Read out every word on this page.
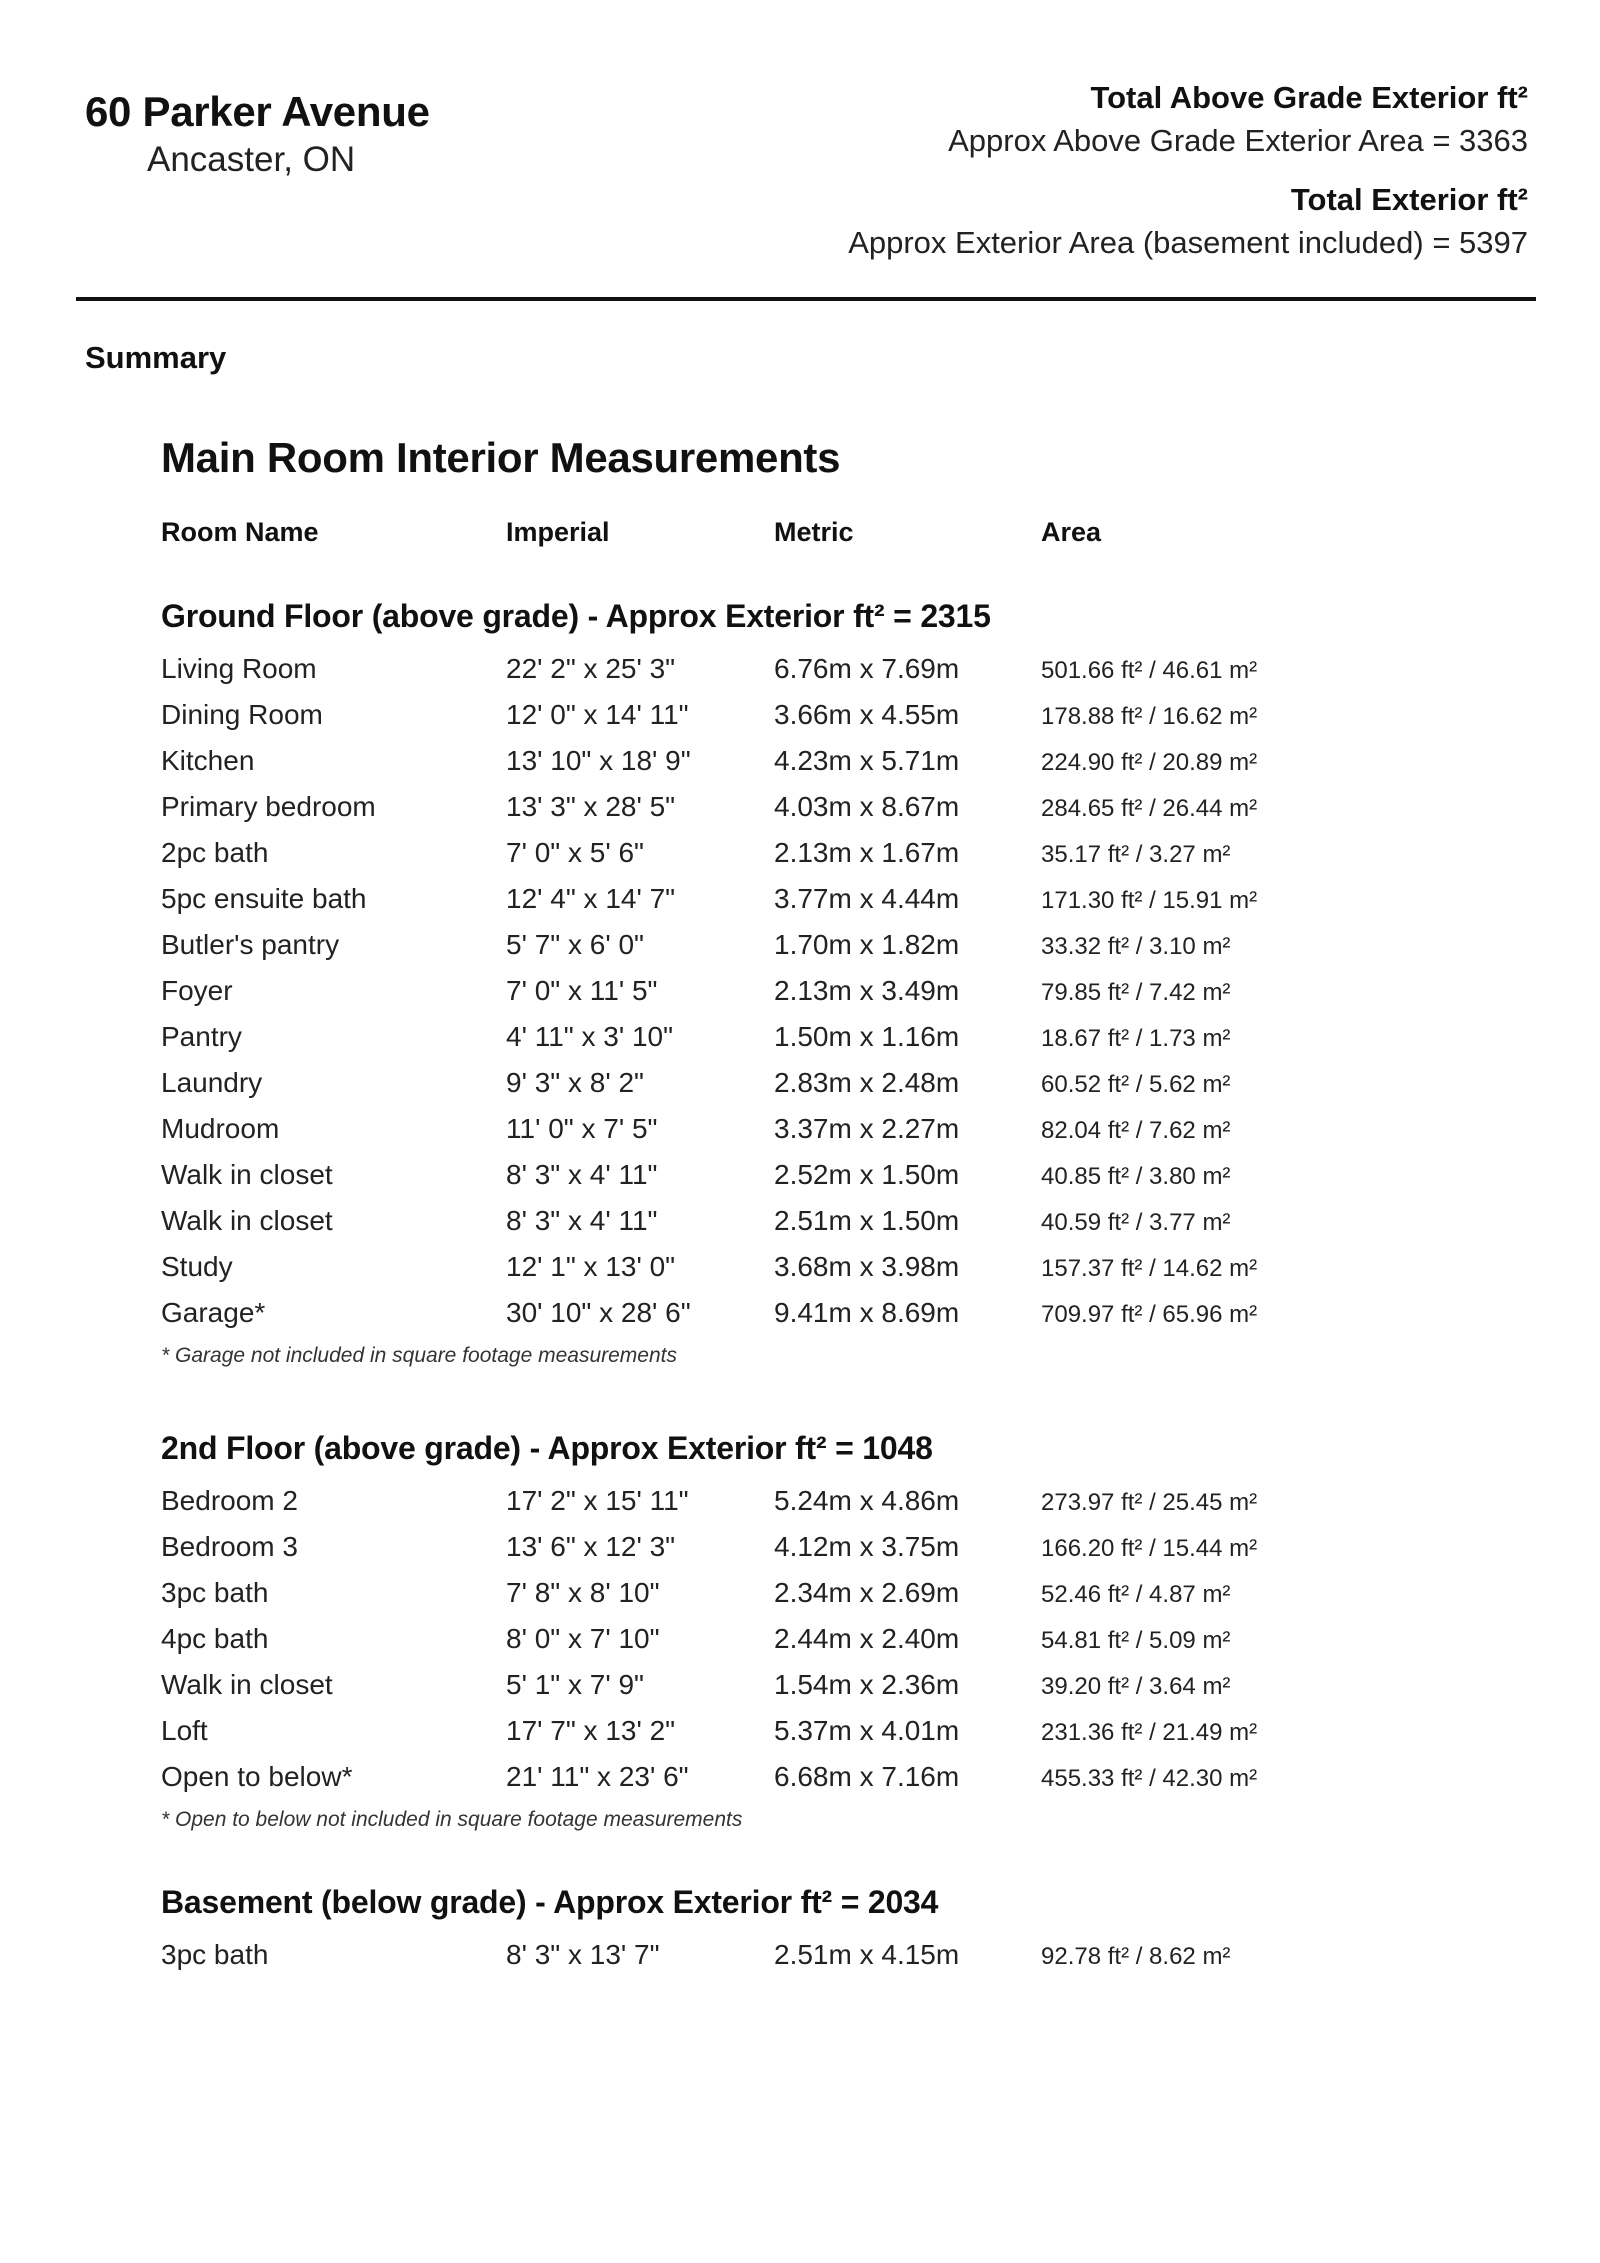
60 Parker Avenue
Ancaster, ON
Total Above Grade Exterior ft²
Approx Above Grade Exterior Area = 3363
Total Exterior ft²
Approx Exterior Area (basement included) = 5397
Summary
Main Room Interior Measurements
Room Name	Imperial	Metric	Area
Ground Floor (above grade) - Approx Exterior ft² = 2315
Living Room	22' 2" x 25' 3"	6.76m x 7.69m	501.66 ft² / 46.61 m²
Dining Room	12' 0" x 14' 11"	3.66m x 4.55m	178.88 ft² / 16.62 m²
Kitchen	13' 10" x 18' 9"	4.23m x 5.71m	224.90 ft² / 20.89 m²
Primary bedroom	13' 3" x 28' 5"	4.03m x 8.67m	284.65 ft² / 26.44 m²
2pc bath	7' 0" x 5' 6"	2.13m x 1.67m	35.17 ft² / 3.27 m²
5pc ensuite bath	12' 4" x 14' 7"	3.77m x 4.44m	171.30 ft² / 15.91 m²
Butler's pantry	5' 7" x 6' 0"	1.70m x 1.82m	33.32 ft² / 3.10 m²
Foyer	7' 0" x 11' 5"	2.13m x 3.49m	79.85 ft² / 7.42 m²
Pantry	4' 11" x 3' 10"	1.50m x 1.16m	18.67 ft² / 1.73 m²
Laundry	9' 3" x 8' 2"	2.83m x 2.48m	60.52 ft² / 5.62 m²
Mudroom	11' 0" x 7' 5"	3.37m x 2.27m	82.04 ft² / 7.62 m²
Walk in closet	8' 3" x 4' 11"	2.52m x 1.50m	40.85 ft² / 3.80 m²
Walk in closet	8' 3" x 4' 11"	2.51m x 1.50m	40.59 ft² / 3.77 m²
Study	12' 1" x 13' 0"	3.68m x 3.98m	157.37 ft² / 14.62 m²
Garage*	30' 10" x 28' 6"	9.41m x 8.69m	709.97 ft² / 65.96 m²
* Garage not included in square footage measurements
2nd Floor (above grade) - Approx Exterior ft² = 1048
Bedroom 2	17' 2" x 15' 11"	5.24m x 4.86m	273.97 ft² / 25.45 m²
Bedroom 3	13' 6" x 12' 3"	4.12m x 3.75m	166.20 ft² / 15.44 m²
3pc bath	7' 8" x 8' 10"	2.34m x 2.69m	52.46 ft² / 4.87 m²
4pc bath	8' 0" x 7' 10"	2.44m x 2.40m	54.81 ft² / 5.09 m²
Walk in closet	5' 1" x 7' 9"	1.54m x 2.36m	39.20 ft² / 3.64 m²
Loft	17' 7" x 13' 2"	5.37m x 4.01m	231.36 ft² / 21.49 m²
Open to below*	21' 11" x 23' 6"	6.68m x 7.16m	455.33 ft² / 42.30 m²
* Open to below not included in square footage measurements
Basement (below grade) - Approx Exterior ft² = 2034
3pc bath	8' 3" x 13' 7"	2.51m x 4.15m	92.78 ft² / 8.62 m²
